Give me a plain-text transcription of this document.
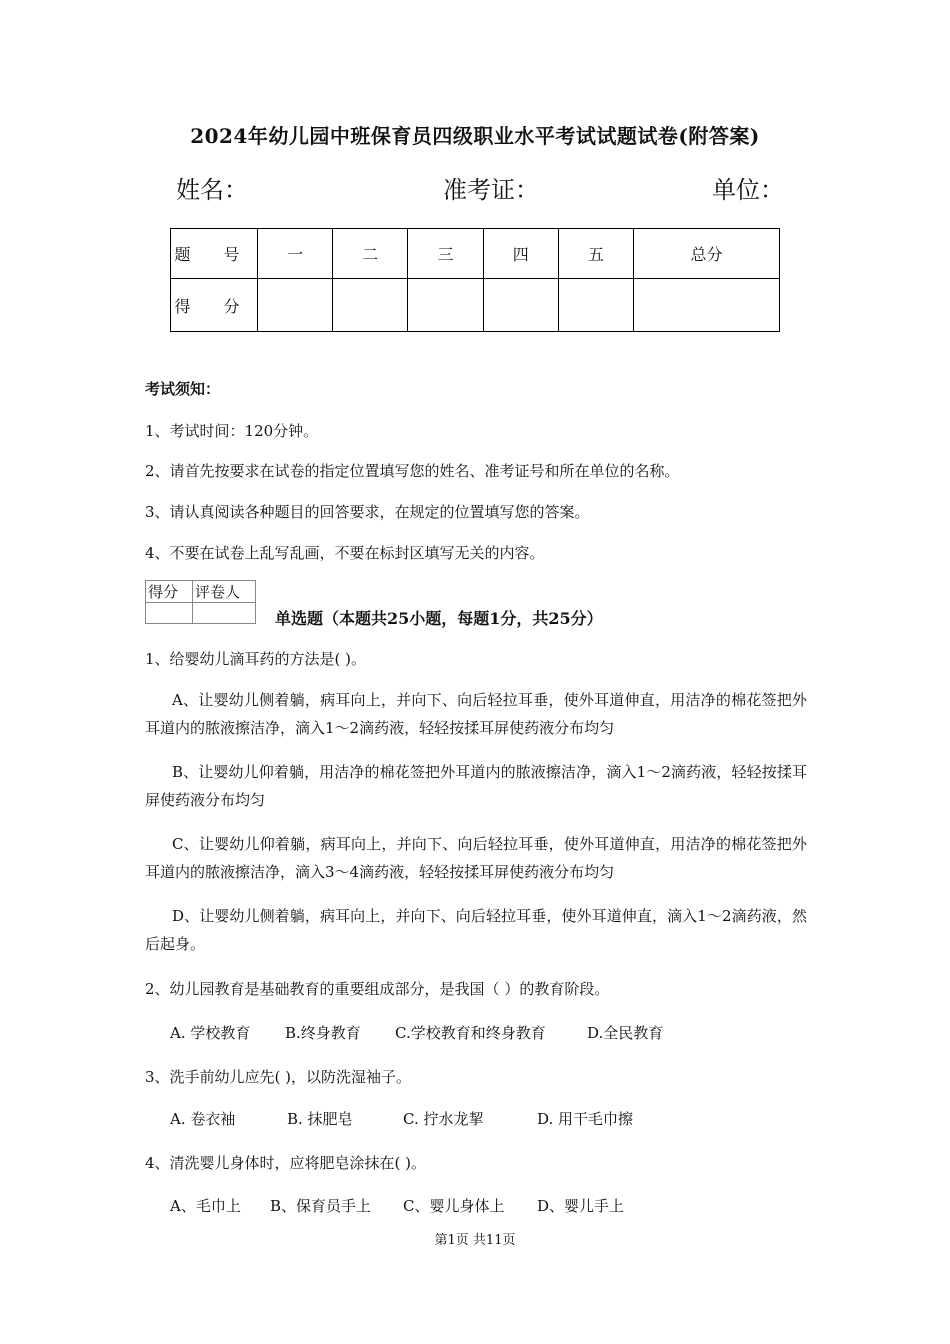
2024年幼儿园中班保育员四级职业水平考试试题试卷(附答案)
姓名：	准考证：	单位：
题 号	一	二	三	四	五	总分
得 分						
考试须知：
1、考试时间：120分钟。
2、请首先按要求在试卷的指定位置填写您的姓名、准考证号和所在单位的名称。
3、请认真阅读各种题目的回答要求，在规定的位置填写您的答案。
4、不要在试卷上乱写乱画，不要在标封区填写无关的内容。
得分	评卷人

单选题（本题共25小题，每题1分，共25分）
1、给婴幼儿滴耳药的方法是( )。
A、让婴幼儿侧着躺，病耳向上，并向下、向后轻拉耳垂，使外耳道伸直，用洁净的棉花签把外耳道内的脓液擦洁净，滴入1～2滴药液，轻轻按揉耳屏使药液分布均匀
B、让婴幼儿仰着躺，用洁净的棉花签把外耳道内的脓液擦洁净，滴入1～2滴药液，轻轻按揉耳屏使药液分布均匀
C、让婴幼儿仰着躺，病耳向上，并向下、向后轻拉耳垂，使外耳道伸直，用洁净的棉花签把外耳道内的脓液擦洁净，滴入3～4滴药液，轻轻按揉耳屏使药液分布均匀
D、让婴幼儿侧着躺，病耳向上，并向下、向后轻拉耳垂，使外耳道伸直，滴入1～2滴药液，然后起身。
2、幼儿园教育是基础教育的重要组成部分，是我国（ ）的教育阶段。
A. 学校教育 B.终身教育 C.学校教育和终身教育	D.全民教育
3、洗手前幼儿应先( )，以防洗湿袖子。
A. 卷衣袖	B. 抹肥皂	C. 拧水龙挈	D. 用干毛巾擦
4、清洗婴儿身体时，应将肥皂涂抹在( )。
A、毛巾上 B、保育员手上 C、婴儿身体上 D、婴儿手上
第1页 共11页
